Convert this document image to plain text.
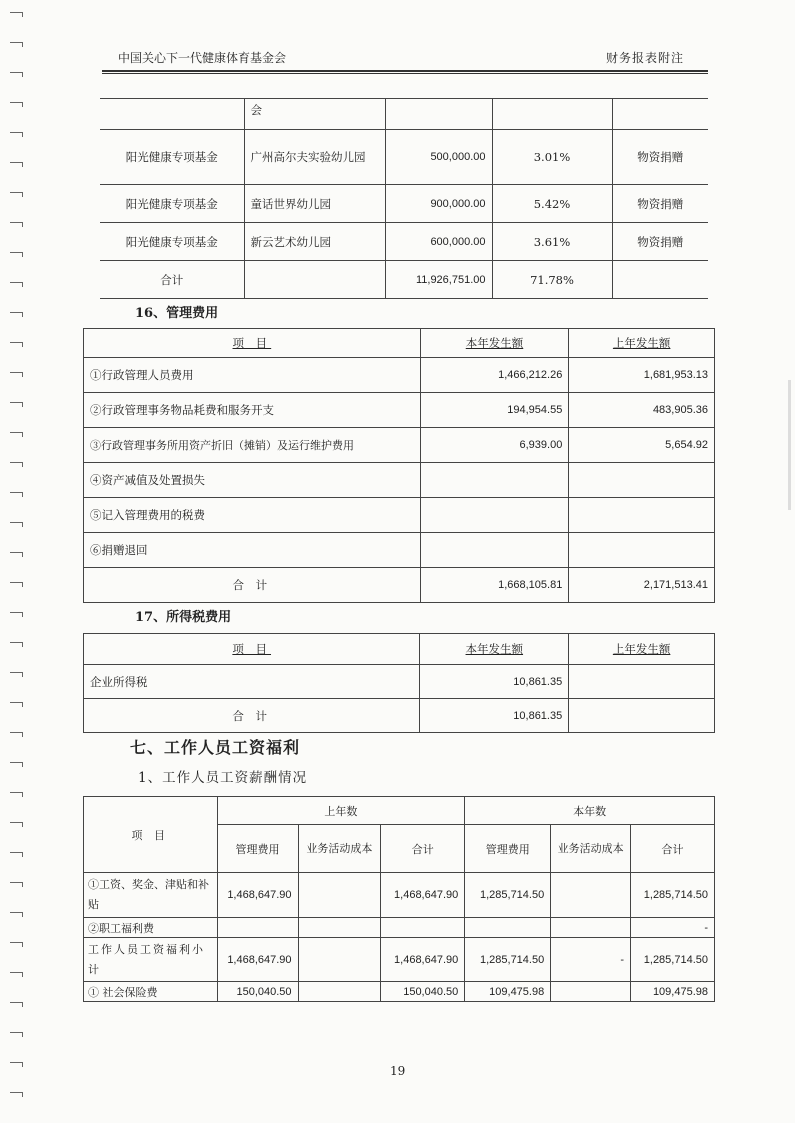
中国关心下一代健康体育基金会	财务报表附注
	会			
阳光健康专项基金	广州高尔夫实验幼儿园	500,000.00	3.01%	物资捐赠
阳光健康专项基金	童话世界幼儿园	900,000.00	5.42%	物资捐赠
阳光健康专项基金	新云艺术幼儿园	600,000.00	3.61%	物资捐赠
合计		11,926,751.00	71.78%	
16、管理费用
项 目	本年发生额	上年发生额
①行政管理人员费用	1,466,212.26	1,681,953.13
②行政管理事务物品耗费和服务开支	194,954.55	483,905.36
③行政管理事务所用资产折旧（摊销）及运行维护费用	6,939.00	5,654.92
④资产减值及处置损失		
⑤记入管理费用的税费		
⑥捐赠退回		
合 计	1,668,105.81	2,171,513.41
17、所得税费用
项 目	本年发生额	上年发生额
企业所得税	10,861.35	
合 计	10,861.35	
七、工作人员工资福利
1、工作人员工资薪酬情况
项 目	上年数			本年数		
	管理费用	业务活动成本	合计	管理费用	业务活动成本	合计
①工资、奖金、津贴和补贴	1,468,647.90		1,468,647.90	1,285,714.50		1,285,714.50
②职工福利费						-
工作人员工资福利小计	1,468,647.90		1,468,647.90	1,285,714.50	-	1,285,714.50
① 社会保险费	150,040.50		150,040.50	109,475.98		109,475.98
19
